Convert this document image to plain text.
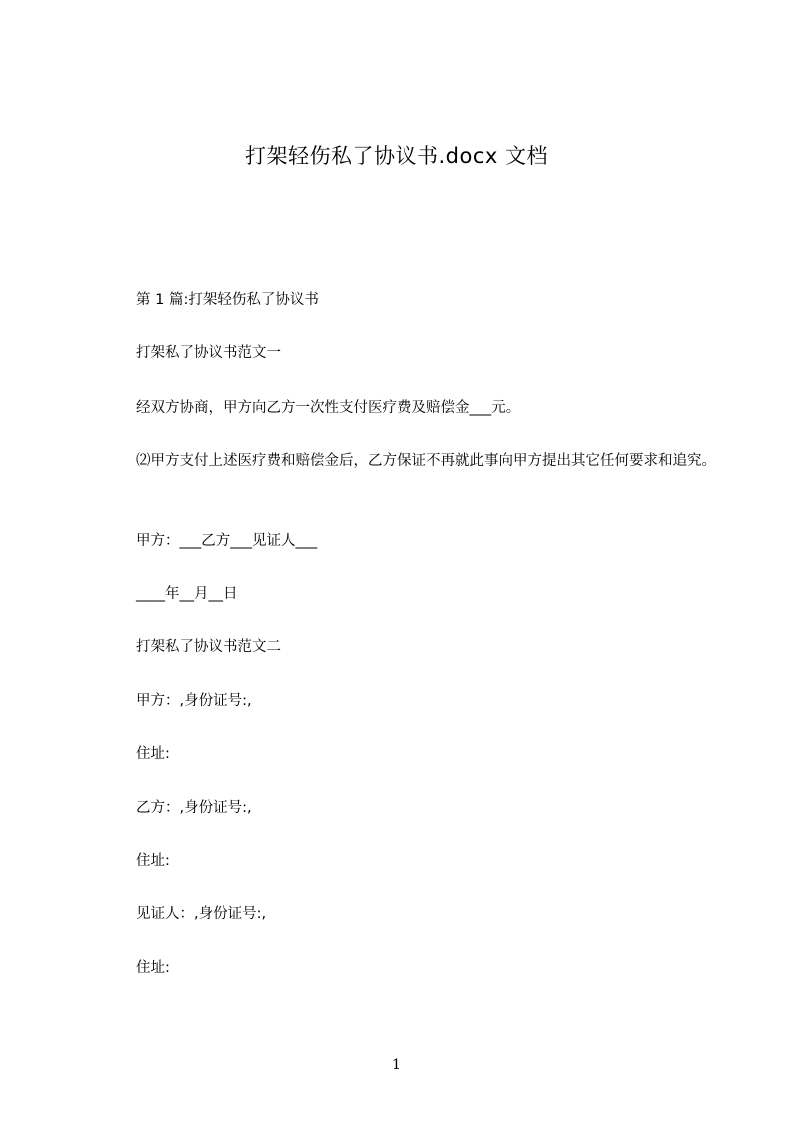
打架轻伤私了协议书.docx 文档
第 1 篇:打架轻伤私了协议书
打架私了协议书范文一
经双方协商，甲方向乙方一次性支付医疗费及赔偿金___元。
⑵甲方支付上述医疗费和赔偿金后，乙方保证不再就此事向甲方提出其它任何要求和追究。
甲方：___乙方___见证人___
____年__月__日
打架私了协议书范文二
甲方：,身份证号:,
住址:
乙方：,身份证号:,
住址:
见证人：,身份证号:,
住址:
1
